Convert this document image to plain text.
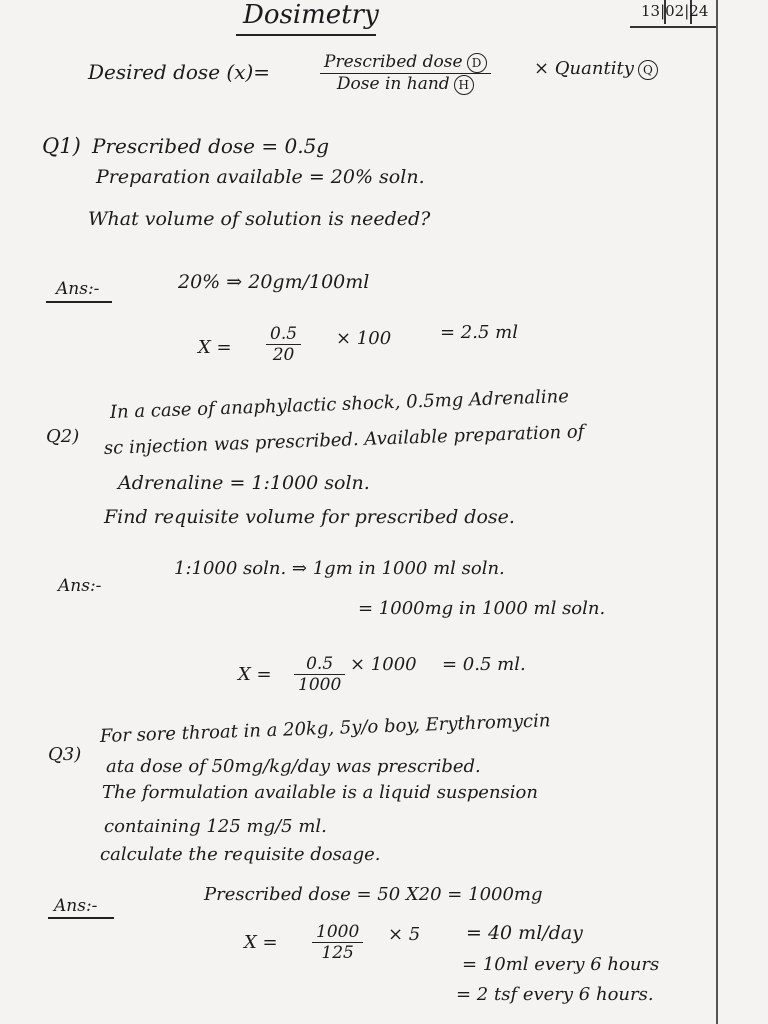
Dosimetry	13|02|24
Desired dose (x)=	Prescribed dose D
Dose in hand H
× Quantity Q
Q1) Prescribed dose = 0.5g
Preparation available = 20% soln.
What volume of solution is needed?
Ans:-	20% ⇒ 20gm/100ml
$X = \frac{0.5}{20} \times 100$	= 2.5 ml
Q2)
In a case of anaphylactic shock, 0.5mg Adrenaline
sc injection was prescribed. Available preparation of
Adrenaline = 1:1000 soln.
Find requisite volume for prescribed dose.
Ans:-
1:1000 soln. ⇒ 1gm in 1000 ml soln.
= 1000mg in 1000 ml soln.
$X = \frac{0.5}{1000} \times 1000 = 0.5$ ml.
Q3)
For sore throat in a 20kg, 5y/o boy, Erythromycin
ata dose of 50mg/kg/day was prescribed.
The formulation available is a liquid suspension
containing 125 mg/5 ml.
calculate the requisite dosage.
Ans:-
Prescribed dose = 50 X20 = 1000mg
$X = \frac{1000}{125} \times 5 = 40$ ml/day
= 10ml every 6 hours
= 2 tsf every 6 hours.
